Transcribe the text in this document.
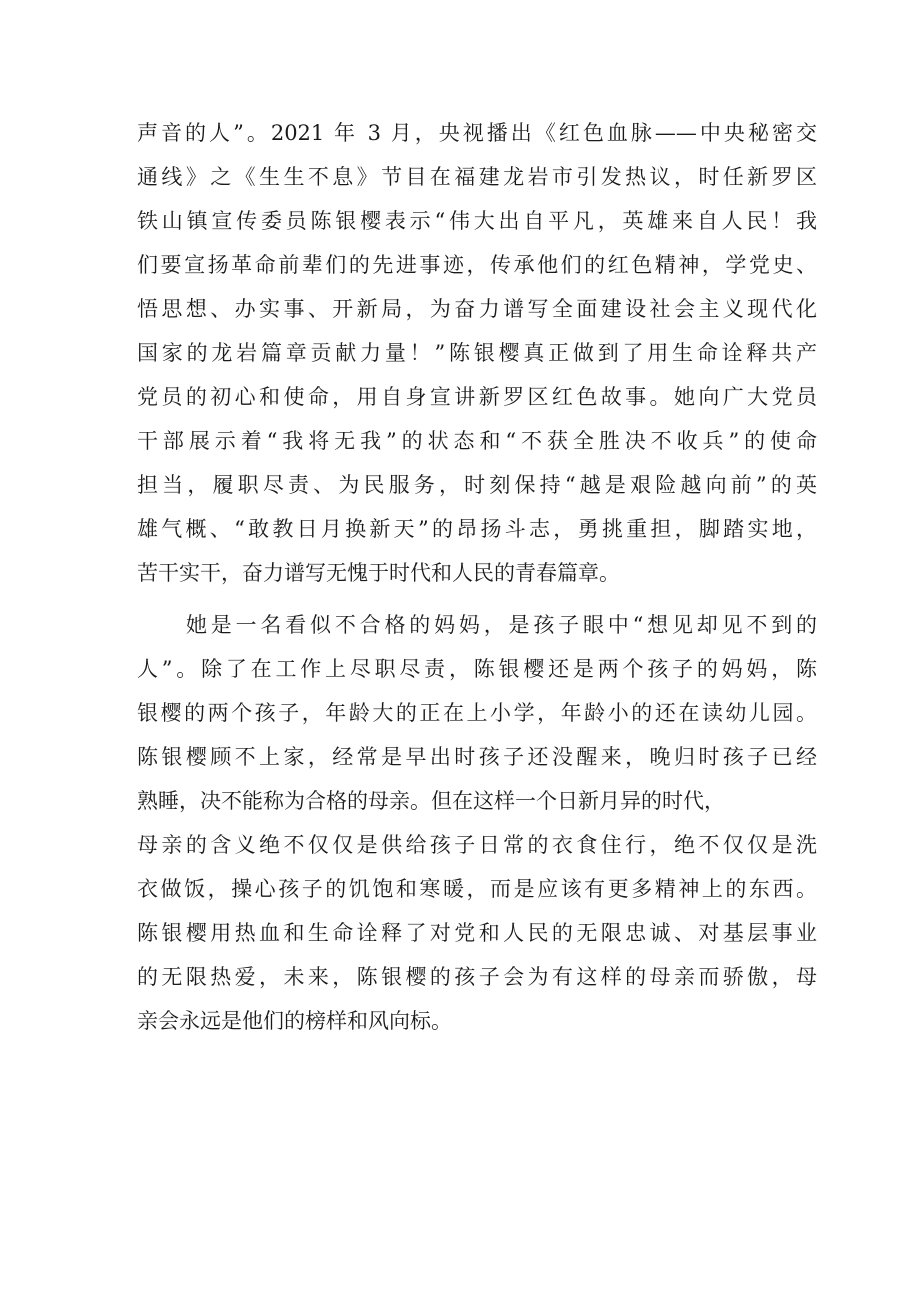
声音的人”。2021 年 3 月，央视播出《红色血脉——中央秘密交
通线》之《生生不息》节目在福建龙岩市引发热议，时任新罗区
铁山镇宣传委员陈银樱表示“伟大出自平凡，英雄来自人民！我
们要宣扬革命前辈们的先进事迹，传承他们的红色精神，学党史、
悟思想、办实事、开新局，为奋力谱写全面建设社会主义现代化
国家的龙岩篇章贡献力量！”陈银樱真正做到了用生命诠释共产
党员的初心和使命，用自身宣讲新罗区红色故事。她向广大党员
干部展示着“我将无我”的状态和“不获全胜决不收兵”的使命
担当，履职尽责、为民服务，时刻保持“越是艰险越向前”的英
雄气概、“敢教日月换新天”的昂扬斗志，勇挑重担，脚踏实地，
苦干实干，奋力谱写无愧于时代和人民的青春篇章。
她是一名看似不合格的妈妈，是孩子眼中“想见却见不到的
人”。除了在工作上尽职尽责，陈银樱还是两个孩子的妈妈，陈
银樱的两个孩子，年龄大的正在上小学，年龄小的还在读幼儿园。
陈银樱顾不上家，经常是早出时孩子还没醒来，晚归时孩子已经
熟睡，决不能称为合格的母亲。但在这样一个日新月异的时代，
母亲的含义绝不仅仅是供给孩子日常的衣食住行，绝不仅仅是洗
衣做饭，操心孩子的饥饱和寒暖，而是应该有更多精神上的东西。
陈银樱用热血和生命诠释了对党和人民的无限忠诚、对基层事业
的无限热爱，未来，陈银樱的孩子会为有这样的母亲而骄傲，母
亲会永远是他们的榜样和风向标。
